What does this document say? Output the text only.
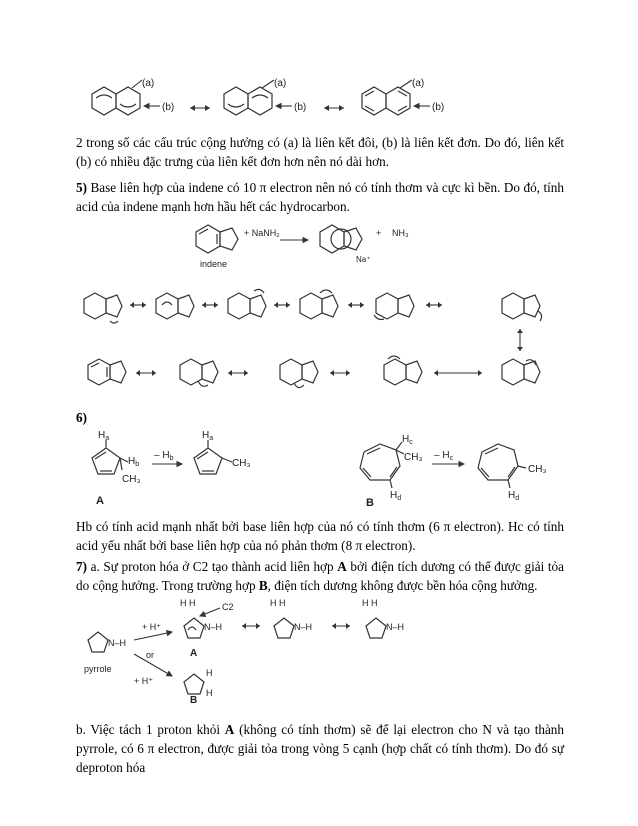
(a)
(b)
(a)
(b)
(a)
(b)
2 trong số các cấu trúc cộng hưởng có (a) là liên kết đôi, (b) là liên kết đơn. Do đó, liên kết (b) có nhiều đặc trưng của liên kết đơn hơn nên nó dài hơn.
5) Base liên hợp của indene có 10 π electron nên nó có tính thơm và cực kì bền. Do đó, tính acid của indene mạnh hơn hầu hết các hydrocarbon.
indene
+ NaNH₂	+ NH₃
Na⁺
6)
$H_a$
$H_b$
CH₃
A
– $H_b$
$H_a$
CH₃
$H_c$
CH₃
$H_d$
B
– $H_c$
CH₃
$H_d$
Hb có tính acid mạnh nhất bởi base liên hợp của nó có tính thơm (6 π electron). Hc có tính acid yếu nhất bởi base liên hợp của nó phản thơm (8 π electron).
7) a. Sự proton hóa ở C2 tạo thành acid liên hợp A bởi điện tích dương có thể được giải tỏa do cộng hưởng. Trong trường hợp B, điện tích dương không được bền hóa cộng hưởng.
N–H
pyrrole
+ H⁺
or
+ H⁺
H H
N–H
C2
A
H H
N–H
H H
N–H
H
H
B
b. Việc tách 1 proton khỏi A (không có tính thơm) sẽ để lại electron cho N và tạo thành pyrrole, có 6 π electron, được giải tỏa trong vòng 5 cạnh (hợp chất có tính thơm). Do đó sự deproton hóa
